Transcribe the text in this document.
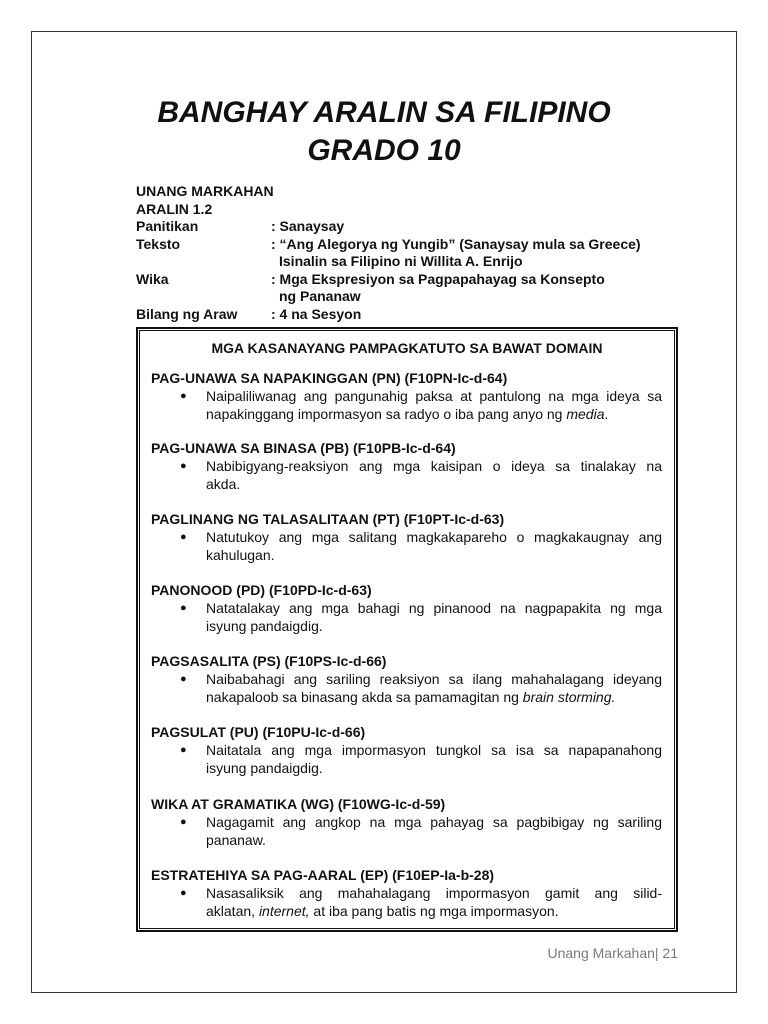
BANGHAY ARALIN SA FILIPINO
GRADO 10
UNANG MARKAHAN
ARALIN 1.2
Panitikan	: Sanaysay
Teksto	: “Ang Alegorya ng Yungib” (Sanaysay mula sa Greece)
Isinalin sa Filipino ni Willita A. Enrijo
Wika	: Mga Ekspresiyon sa Pagpapahayag sa Konsepto
ng Pananaw
Bilang ng Araw	: 4 na Sesyon
MGA KASANAYANG PAMPAGKATUTO SA BAWAT DOMAIN
PAG-UNAWA SA NAPAKINGGAN (PN) (F10PN-Ic-d-64)
● Naipaliliwanag ang pangunahig paksa at pantulong na mga ideya sa
napakinggang impormasyon sa radyo o iba pang anyo ng media.
PAG-UNAWA SA BINASA (PB) (F10PB-Ic-d-64)
● Nabibigyang-reaksiyon ang mga kaisipan o ideya sa tinalakay na
akda.
PAGLINANG NG TALASALITAAN (PT) (F10PT-Ic-d-63)
● Natutukoy ang mga salitang magkakapareho o magkakaugnay ang
kahulugan.
PANONOOD (PD) (F10PD-Ic-d-63)
● Natatalakay ang mga bahagi ng pinanood na nagpapakita ng mga
isyung pandaigdig.
PAGSASALITA (PS) (F10PS-Ic-d-66)
● Naibabahagi ang sariling reaksiyon sa ilang mahahalagang ideyang
nakapaloob sa binasang akda sa pamamagitan ng brain storming.
PAGSULAT (PU) (F10PU-Ic-d-66)
● Naitatala ang mga impormasyon tungkol sa isa sa napapanahong
isyung pandaigdig.
WIKA AT GRAMATIKA (WG) (F10WG-Ic-d-59)
● Nagagamit ang angkop na mga pahayag sa pagbibigay ng sariling
pananaw.
ESTRATEHIYA SA PAG-AARAL (EP) (F10EP-Ia-b-28)
● Nasasaliksik ang mahahalagang impormasyon gamit ang silid-
aklatan, internet, at iba pang batis ng mga impormasyon.
Unang Markahan| 21
